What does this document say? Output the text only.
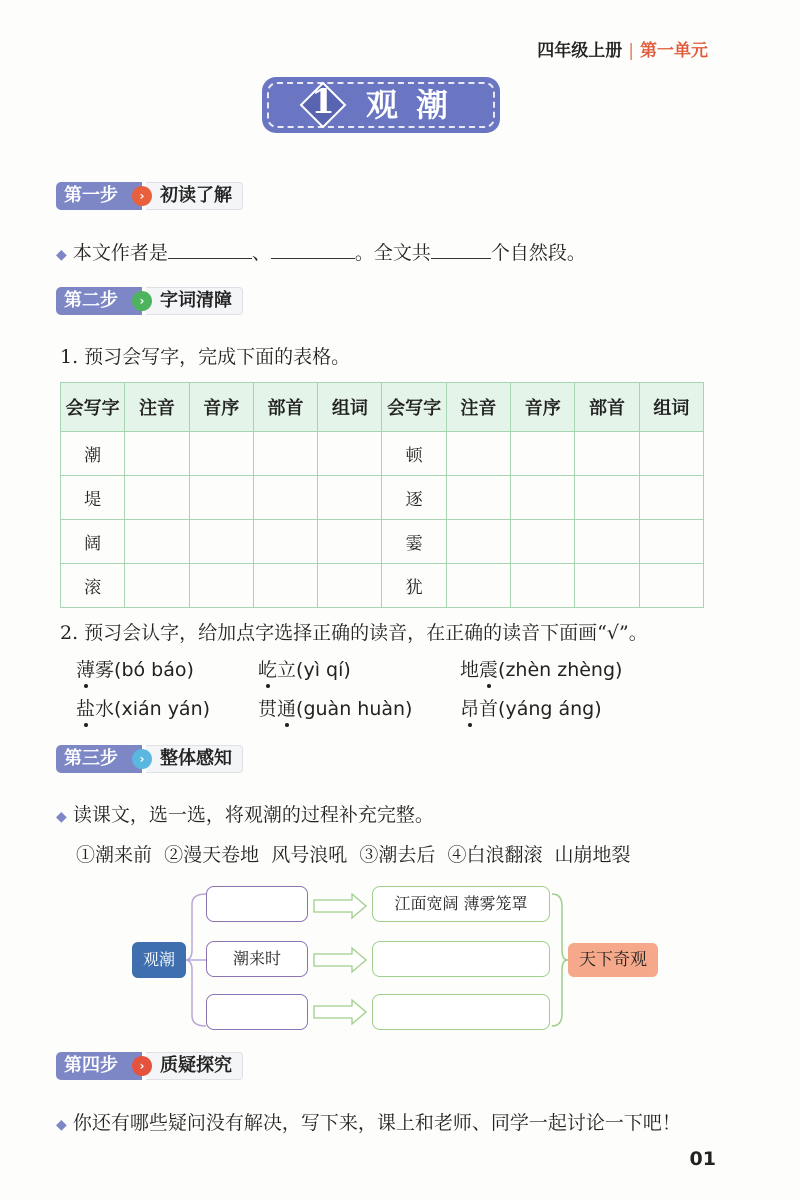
四年级上册 | 第一单元
1 观潮
第一步	› 初读了解
◆ 本文作者是	、	。全文共	个自然段。
第二步	› 字词清障
1. 预习会写字，完成下面的表格。
会写字	注音	音序	部首	组词	会写字	注音	音序	部首	组词
潮					顿				
堤					逐				
阔					霎				
滚					犹				
2. 预习会认字，给加点字选择正确的读音，在正确的读音下面画“√”。
薄雾(bó báo)	屹立(yì qí)	地震(zhèn zhèng)
盐水(xián yán)	贯通(guàn huàn)	昂首(yáng áng)
第三步	› 整体感知
◆ 读课文，选一选，将观潮的过程补充完整。
①潮来前 ②漫天卷地 风号浪吼 ③潮去后 ④白浪翻滚 山崩地裂
观潮	潮来时
江面宽阔 薄雾笼罩
天下奇观
第四步	› 质疑探究
◆ 你还有哪些疑问没有解决，写下来，课上和老师、同学一起讨论一下吧！
01
